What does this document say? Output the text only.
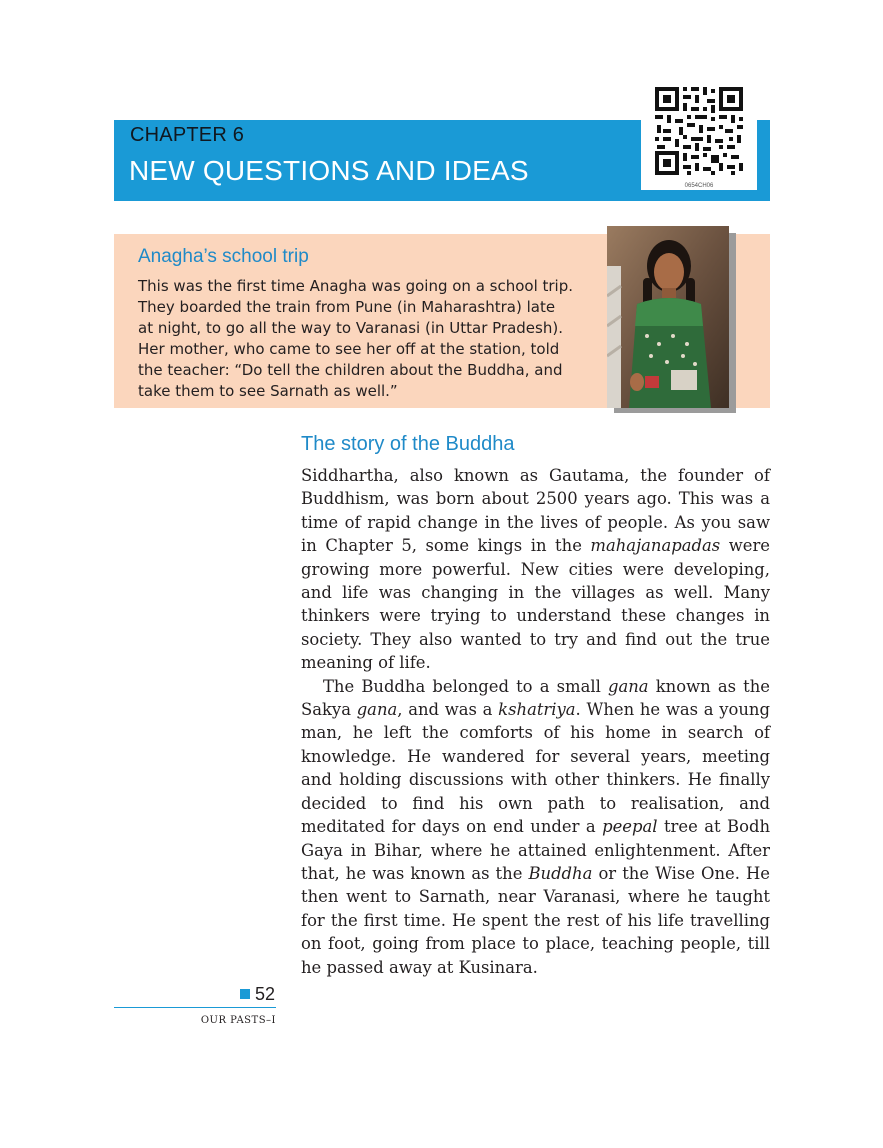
CHAPTER 6
NEW QUESTIONS AND IDEAS	0654CH06
Anagha’s school trip
This was the first time Anagha was going on a school trip.
They boarded the train from Pune (in Maharashtra) late
at night, to go all the way to Varanasi (in Uttar Pradesh).
Her mother, who came to see her off at the station, told
the teacher: “Do tell the children about the Buddha, and
take them to see Sarnath as well.”
The story of the Buddha

Siddhartha, also known as Gautama, the founder of Buddhism, was born about 2500 years ago. This was a time of rapid change in the lives of people. As you saw in Chapter 5, some kings in the mahajanapadas were growing more powerful. New cities were developing, and life was changing in the villages as well. Many thinkers were trying to understand these changes in society. They also wanted to try and find out the true meaning of life.

The Buddha belonged to a small gana known as the Sakya gana, and was a kshatriya. When he was a young man, he left the comforts of his home in search of knowledge. He wandered for several years, meeting and holding discussions with other thinkers. He finally decided to find his own path to realisation, and meditated for days on end under a peepal tree at Bodh Gaya in Bihar, where he attained enlightenment. After that, he was known as the Buddha or the Wise One. He then went to Sarnath, near Varanasi, where he taught for the first time. He spent the rest of his life travelling on foot, going from place to place, teaching people, till he passed away at Kusinara.

52
OUR PASTS–I
